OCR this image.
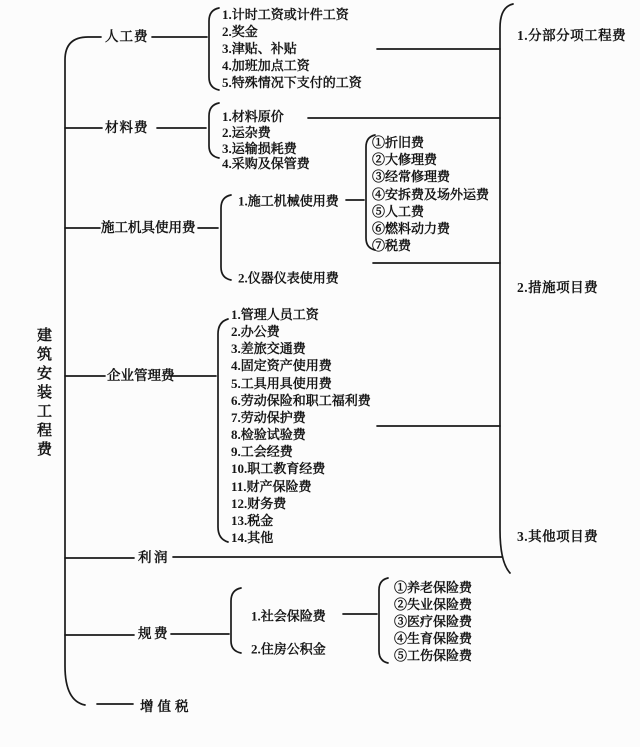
建筑安装工程费
人工费
材料费
施工机具使用费
企业管理费
利润
规费
增值税
1.计时工资或计件工资
2.奖金
3.津贴、补贴
4.加班加点工资
5.特殊情况下支付的工资
1.材料原价
2.运杂费
3.运输损耗费
4.采购及保管费
1.施工机械使用费
2.仪器仪表使用费
①折旧费
②大修理费
③经常修理费
④安拆费及场外运费
⑤人工费
⑥燃料动力费
⑦税费
1.管理人员工资
2.办公费
3.差旅交通费
4.固定资产使用费
5.工具用具使用费
6.劳动保险和职工福利费
7.劳动保护费
8.检验试验费
9.工会经费
10.职工教育经费
11.财产保险费
12.财务费
13.税金
14.其他
1.社会保险费
2.住房公积金
①养老保险费
②失业保险费
③医疗保险费
④生育保险费
⑤工伤保险费
1.分部分项工程费
2.措施项目费
3.其他项目费
